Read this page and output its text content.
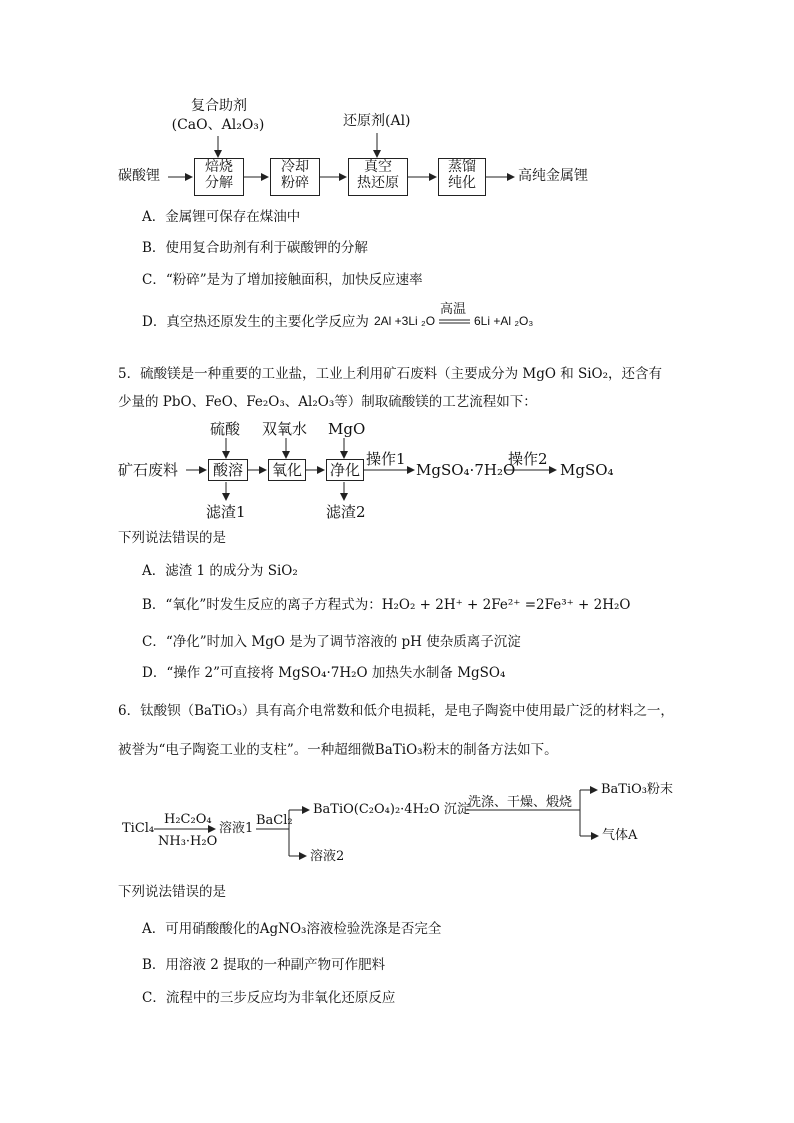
复合助剂
(CaO、Al₂O₃)	还原剂(Al)
碳酸锂
焙烧
分解
冷却
粉碎
真空
热还原
蒸馏
纯化	高纯金属锂
A．金属锂可保存在煤油中
B．使用复合助剂有利于碳酸钾的分解
C．“粉碎”是为了增加接触面积，加快反应速率
D．真空热还原发生的主要化学反应为 2Al +3Li ₂O
高温
6Li +Al ₂O₃
5．硫酸镁是一种重要的工业盐，工业上利用矿石废料（主要成分为 MgO 和 SiO₂，还含有
少量的 PbO、FeO、Fe₂O₃、Al₂O₃等）制取硫酸镁的工艺流程如下：
硫酸 双氧水 MgO
矿石废料	酸溶	氧化 净化
操作1
MgSO₄·7H₂O
操作2
MgSO₄
滤渣1	滤渣2
下列说法错误的是
A．滤渣 1 的成分为 SiO₂
B．“氧化”时发生反应的离子方程式为：H₂O₂ + 2H⁺ + 2Fe²⁺ =2Fe³⁺ + 2H₂O
C．“净化”时加入 MgO 是为了调节溶液的 pH 使杂质离子沉淀
D．“操作 2”可直接将 MgSO₄·7H₂O 加热失水制备 MgSO₄
6．钛酸钡（BaTiO₃）具有高介电常数和低介电损耗，是电子陶瓷中使用最广泛的材料之一，
被誉为“电子陶瓷工业的支柱”。一种超细微BaTiO₃粉末的制备方法如下。
TiCl₄
H₂C₂O₄
NH₃·H₂O
溶液1
BaCl₂
BaTiO(C₂O₄)₂·4H₂O 沉淀
洗涤、干燥、煅烧
BaTiO₃粉末
气体A
溶液2
下列说法错误的是
A．可用硝酸酸化的AgNO₃溶液检验洗涤是否完全
B．用溶液 2 提取的一种副产物可作肥料
C．流程中的三步反应均为非氧化还原反应
